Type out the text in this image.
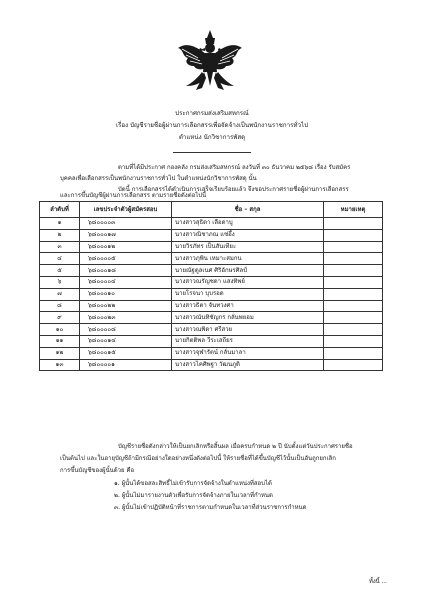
ประกาศกรมส่งเสริมสหกรณ์
เรื่อง บัญชีรายชื่อผู้ผ่านการเลือกสรรเพื่อจัดจ้างเป็นพนักงานราชการทั่วไป
ตำแหน่ง นักวิชาการพัสดุ
ตามที่ได้มีประกาศ กองคลัง กรมส่งเสริมสหกรณ์ ลงวันที่ ๓๐ ธันวาคม ๒๕๖๘ เรื่อง รับสมัคร
บุคคลเพื่อเลือกสรรเป็นพนักงานราชการทั่วไป ในตำแหน่งนักวิชาการพัสดุ นั้น
บัดนี้ การเลือกสรรได้ดำเนินการเสร็จเรียบร้อยแล้ว จึงขอประกาศรายชื่อผู้ผ่านการเลือกสรร
ลำดับที่	เลขประจำตัวผู้สมัครสอบ	ชื่อ – สกุล	หมายเหตุ
๑	๖๘๐๐๐๐๓	นางสาวสุธิดา เลือดาบู	
๒	๖๘๐๐๐๑๗	นางสาวณิชาภณ แซ่อึ้ง	
๓	๖๘๐๐๐๑๒	นายวิรภัทร เป็นสันเทียะ	
๔	๖๘๐๐๐๐๕	นางสาวภุพิน เหมาะสมกน	
๕	๖๘๐๐๐๑๘	นายณัฐดูลเนศ ศิริอักษรศิลป์	
๖	๖๘๐๐๐๐๔	นางสาวณรัญชดา แสงทิพย์	
๗	๖๘๐๐๐๑๐	นายโรจนา บุบรอด	
๘	๖๘๐๐๐๒๒	นางสาวธิตา จันทวงศา	
๙	๖๘๐๐๐๒๓	นางสาวณันทิชัญกร กลั่นพยอม	
๑๐	๖๘๐๐๐๐๘	นางสาวณพิดา ศรีสวย	
๑๑	๖๘๐๐๐๑๔	นายกิตติพล วีระเสถียร	
๑๒	๖๘๐๐๐๑๕	นางสาวจุฬารัตน์ กลั่นมาลา	
๑๓	๖๘๐๐๐๐๑	นางสาวไคศิพฐา วัฒนภูติ	
และการขึ้นบัญชีผู้ผ่านการเลือกสรร ตามรายชื่อดังต่อไปนี้
บัญชีรายชื่อดังกล่าวให้เป็นยกเลิกหรือสิ้นผล เมื่อครบกำหนด ๒ ปี นับตั้งแต่วันประกาศรายชื่อ
เป็นต้นไป และในอายุบัญชีถ้ามีกรณีอย่างใดอย่างหนึ่งดังต่อไปนี้ ให้รายชื่อที่ได้ขึ้นบัญชีไว้นั้นเป็นอันถูกยกเลิก
การขึ้นบัญชีของผู้นั้นด้วย คือ
๑. ผู้นั้นได้ขอสละสิทธิ์ไม่เข้ารับการจัดจ้างในตำแหน่งที่สอบได้
๒. ผู้นั้นไม่มารายงานตัวเพื่อรับการจัดจ้างภายในเวลาที่กำหนด
๓. ผู้นั้นไม่เข้าปฏิบัติหน้าที่ราชการตามกำหนดในเวลาที่ส่วนราชการกำหนด
ทั้งนี้ ...
